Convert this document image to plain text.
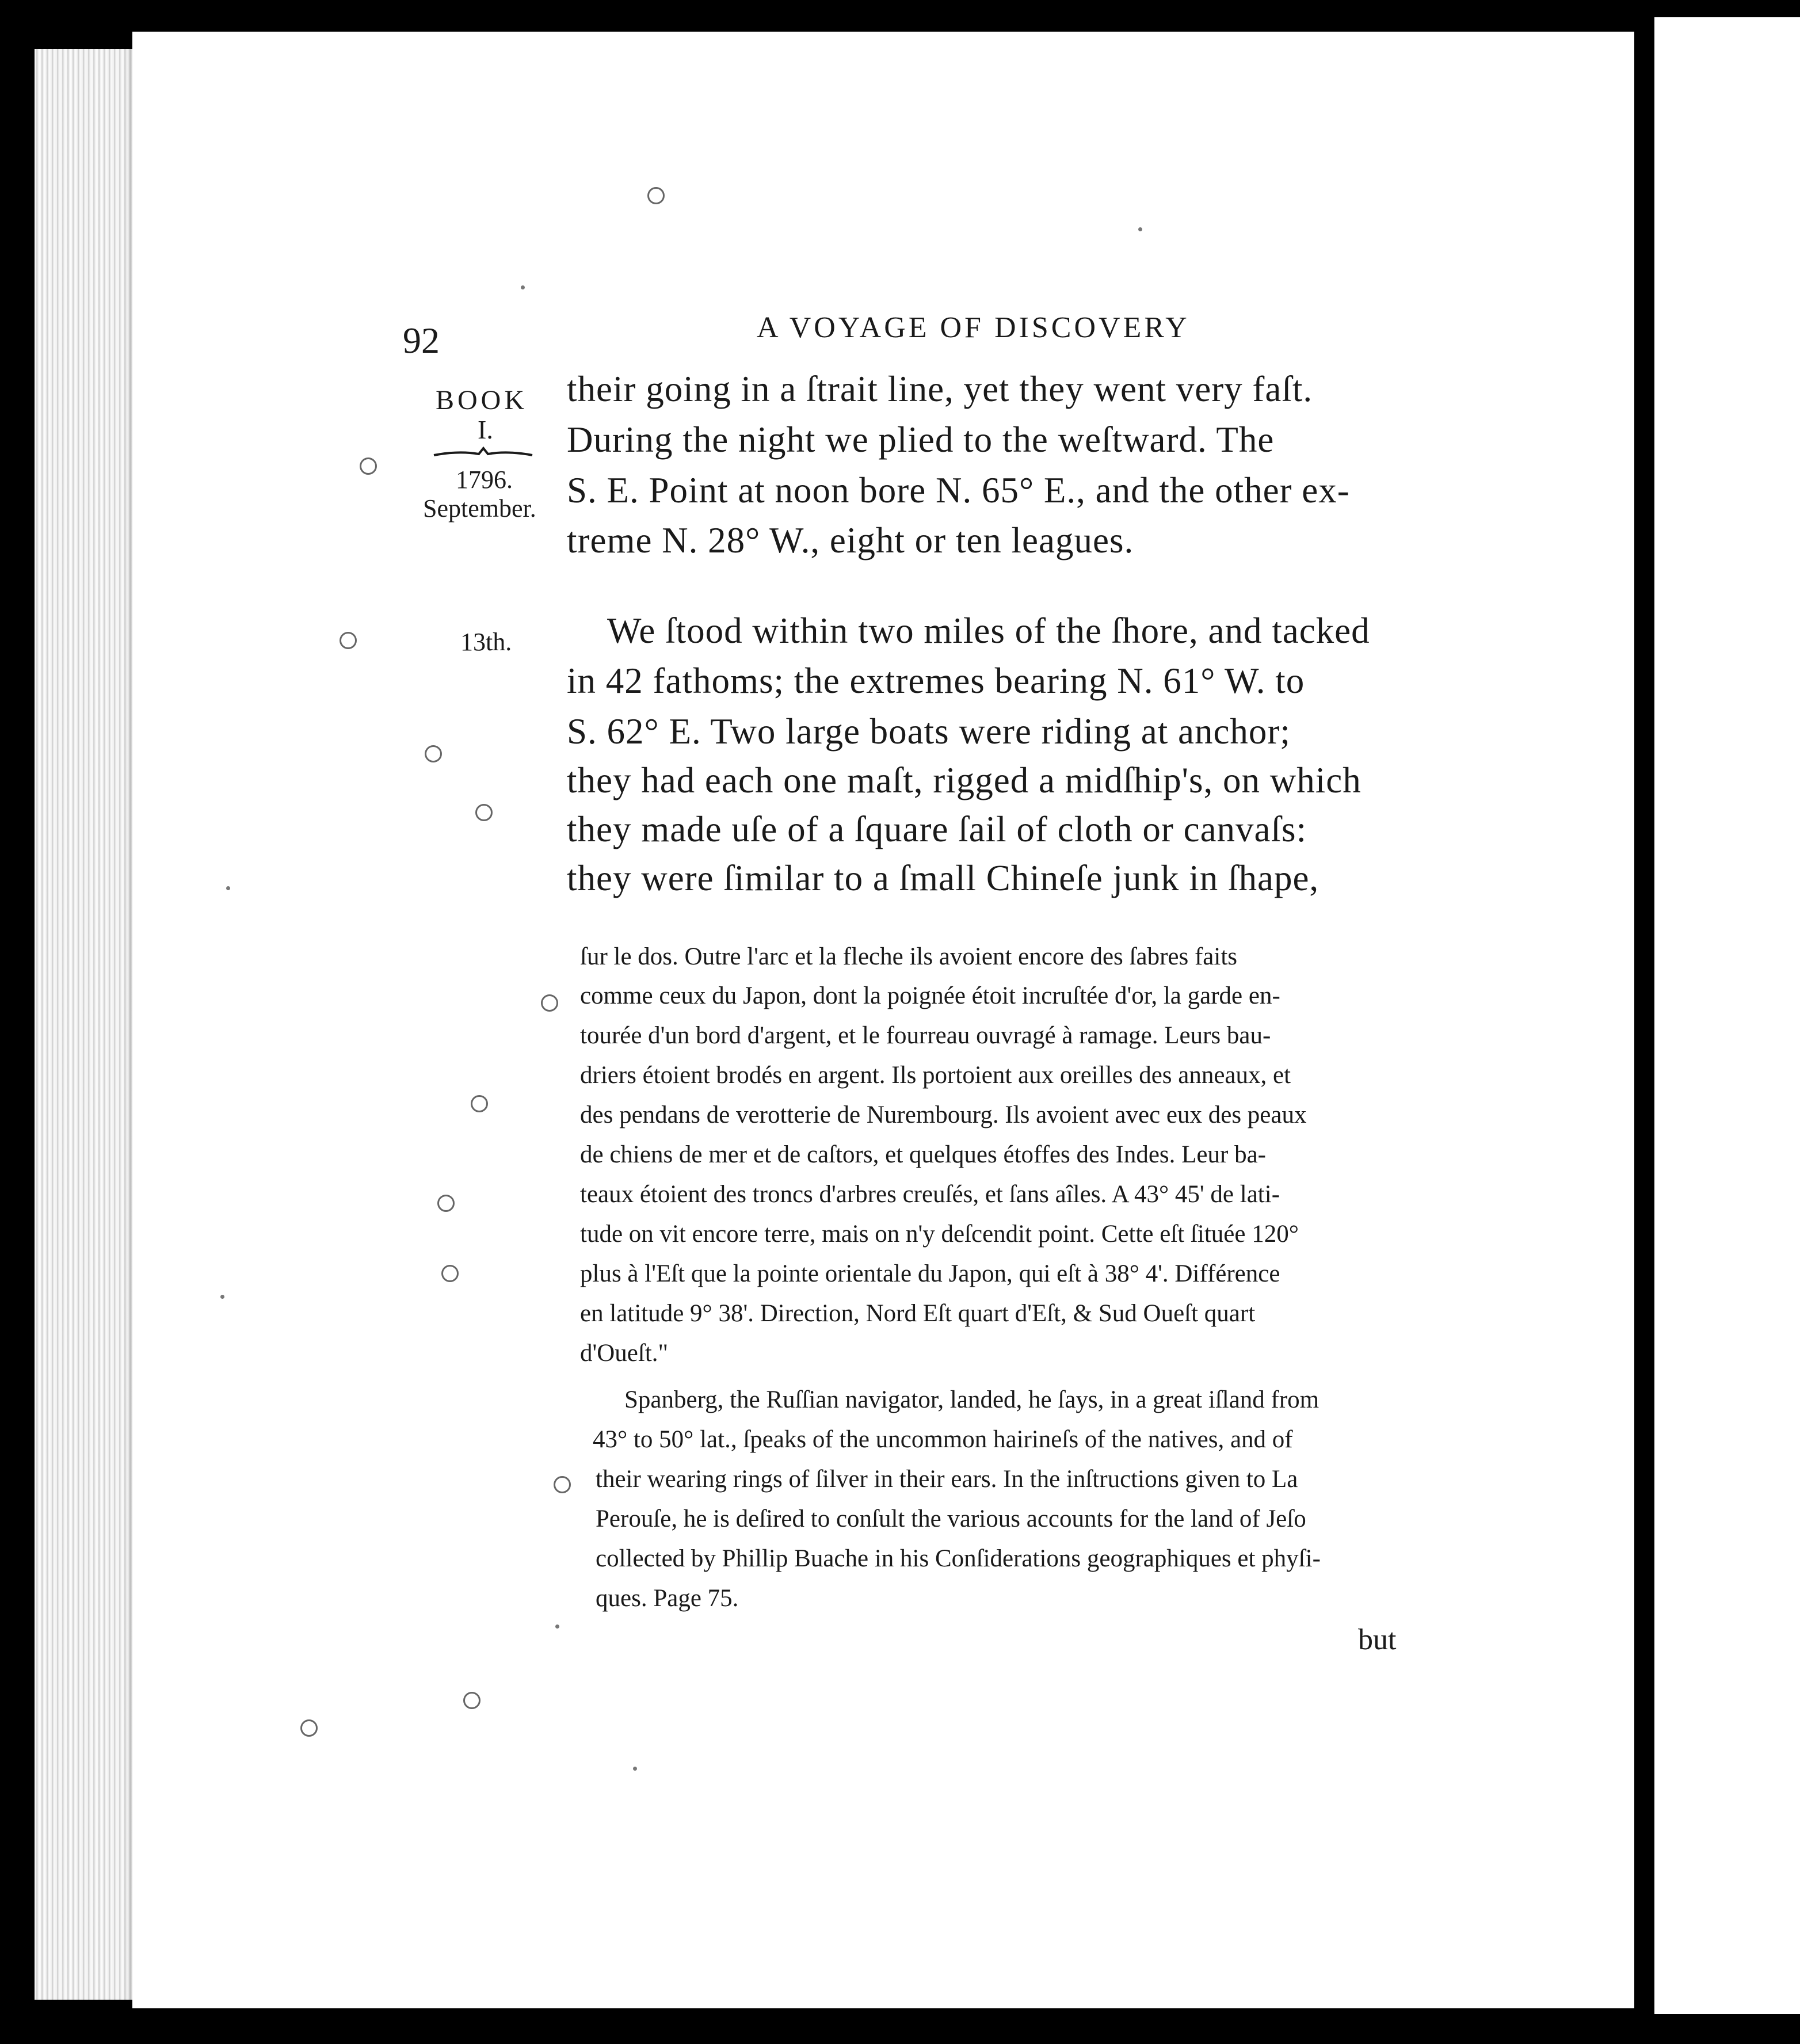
92	A VOYAGE OF DISCOVERY
BOOK
I.
1796.
September.
13th.
their going in a ſtrait line, yet they went very faſt.
During the night we plied to the weſtward. The
S. E. Point at noon bore N. 65° E., and the other ex-
treme N. 28° W., eight or ten leagues.
We ſtood within two miles of the ſhore, and tacked
in 42 fathoms; the extremes bearing N. 61° W. to
S. 62° E. Two large boats were riding at anchor;
they had each one maſt, rigged a midſhip's, on which
they made uſe of a ſquare ſail of cloth or canvaſs:
they were ſimilar to a ſmall Chineſe junk in ſhape,
ſur le dos. Outre l'arc et la fleche ils avoient encore des ſabres faits
comme ceux du Japon, dont la poignée étoit incruſtée d'or, la garde en-
tourée d'un bord d'argent, et le fourreau ouvragé à ramage. Leurs bau-
driers étoient brodés en argent. Ils portoient aux oreilles des anneaux, et
des pendans de verotterie de Nurembourg. Ils avoient avec eux des peaux
de chiens de mer et de caſtors, et quelques étoffes des Indes. Leur ba-
teaux étoient des troncs d'arbres creuſés, et ſans aîles. A 43° 45' de lati-
tude on vit encore terre, mais on n'y deſcendit point. Cette eſt ſituée 120°
plus à l'Eſt que la pointe orientale du Japon, qui eſt à 38° 4'. Différence
en latitude 9° 38'. Direction, Nord Eſt quart d'Eſt, & Sud Oueſt quart
d'Oueſt."
Spanberg, the Ruſſian navigator, landed, he ſays, in a great iſland from
43° to 50° lat., ſpeaks of the uncommon hairineſs of the natives, and of
their wearing rings of ſilver in their ears. In the inſtructions given to La
Perouſe, he is deſired to conſult the various accounts for the land of Jeſo
collected by Phillip Buache in his Conſiderations geographiques et phyſi-
ques. Page 75.
but
